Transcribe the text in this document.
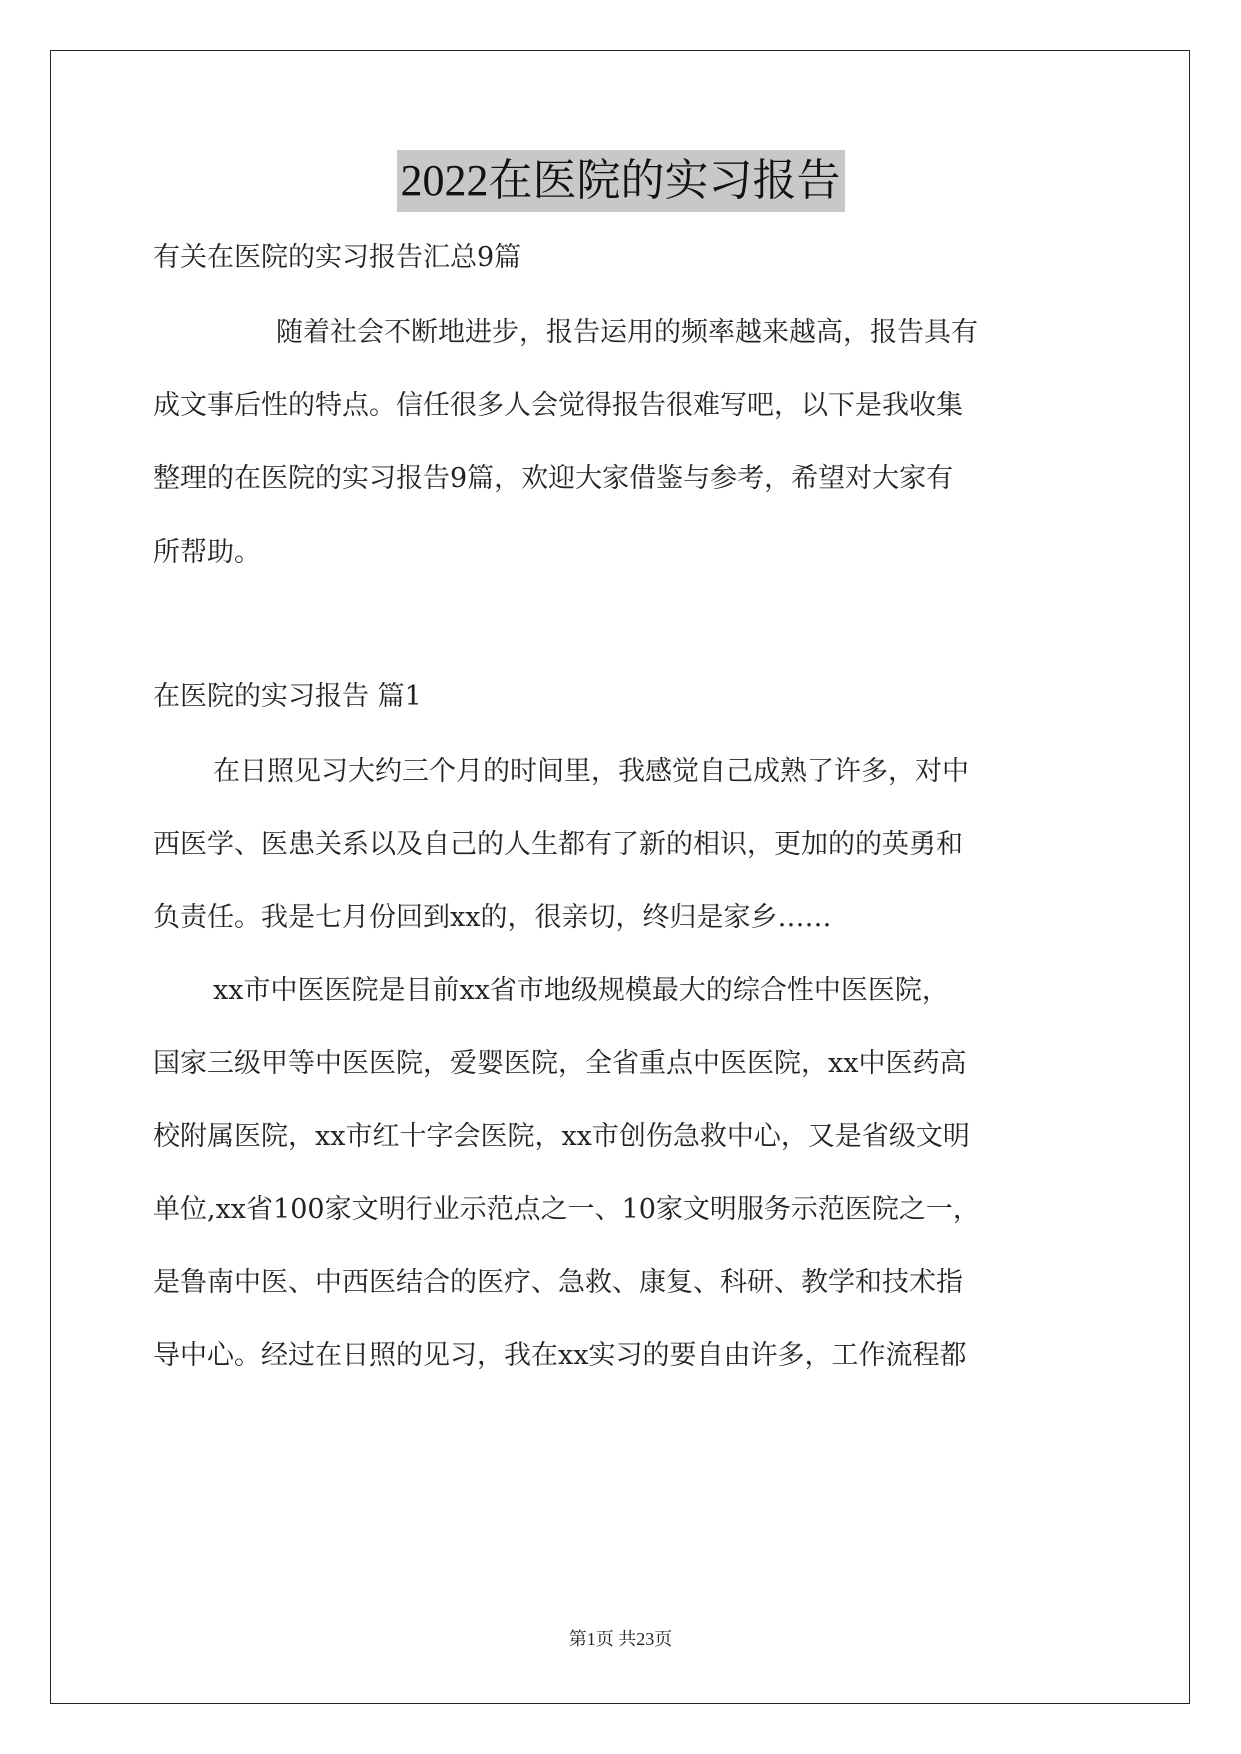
2022在医院的实习报告
有关在医院的实习报告汇总9篇
随着社会不断地进步，报告运用的频率越来越高，报告具有
成文事后性的特点。信任很多人会觉得报告很难写吧，以下是我收集
整理的在医院的实习报告9篇，欢迎大家借鉴与参考，希望对大家有
所帮助。
在医院的实习报告 篇1
在日照见习大约三个月的时间里，我感觉自己成熟了许多，对中
西医学、医患关系以及自己的人生都有了新的相识，更加的的英勇和
负责任。我是七月份回到xx的，很亲切，终归是家乡……
xx市中医医院是目前xx省市地级规模最大的综合性中医医院，
国家三级甲等中医医院，爱婴医院，全省重点中医医院，xx中医药高
校附属医院，xx市红十字会医院，xx市创伤急救中心，又是省级文明
单位,xx省100家文明行业示范点之一、10家文明服务示范医院之一，
是鲁南中医、中西医结合的医疗、急救、康复、科研、教学和技术指
导中心。经过在日照的见习，我在xx实习的要自由许多，工作流程都
第1页 共23页
